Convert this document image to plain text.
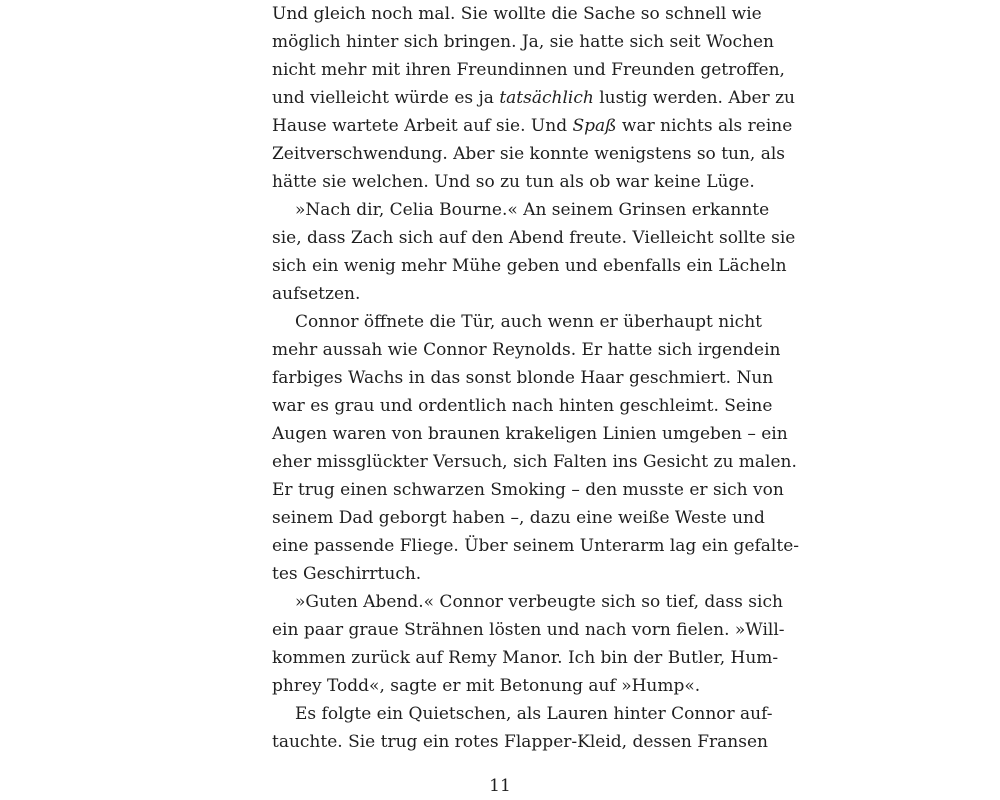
Und gleich noch mal. Sie wollte die Sache so schnell wie
möglich hinter sich bringen. Ja, sie hatte sich seit Wochen
nicht mehr mit ihren Freundinnen und Freunden getroffen,
und vielleicht würde es ja tatsächlich lustig werden. Aber zu
Hause wartete Arbeit auf sie. Und Spaß war nichts als reine
Zeitverschwendung. Aber sie konnte wenigstens so tun, als
hätte sie welchen. Und so zu tun als ob war keine Lüge.
»Nach dir, Celia Bourne.« An seinem Grinsen erkannte
sie, dass Zach sich auf den Abend freute. Vielleicht sollte sie
sich ein wenig mehr Mühe geben und ebenfalls ein Lächeln
aufsetzen.
Connor öffnete die Tür, auch wenn er überhaupt nicht
mehr aussah wie Connor Reynolds. Er hatte sich irgendein
farbiges Wachs in das sonst blonde Haar geschmiert. Nun
war es grau und ordentlich nach hinten geschleimt. Seine
Augen waren von braunen krakeligen Linien umgeben – ein
eher missglückter Versuch, sich Falten ins Gesicht zu malen.
Er trug einen schwarzen Smoking – den musste er sich von
seinem Dad geborgt haben –, dazu eine weiße Weste und
eine passende Fliege. Über seinem Unterarm lag ein gefalte-
tes Geschirrtuch.
»Guten Abend.« Connor verbeugte sich so tief, dass sich
ein paar graue Strähnen lösten und nach vorn fielen. »Will-
kommen zurück auf Remy Manor. Ich bin der Butler, Hum-
phrey Todd«, sagte er mit Betonung auf »Hump«.
Es folgte ein Quietschen, als Lauren hinter Connor auf-
tauchte. Sie trug ein rotes Flapper-Kleid, dessen Fransen
11
